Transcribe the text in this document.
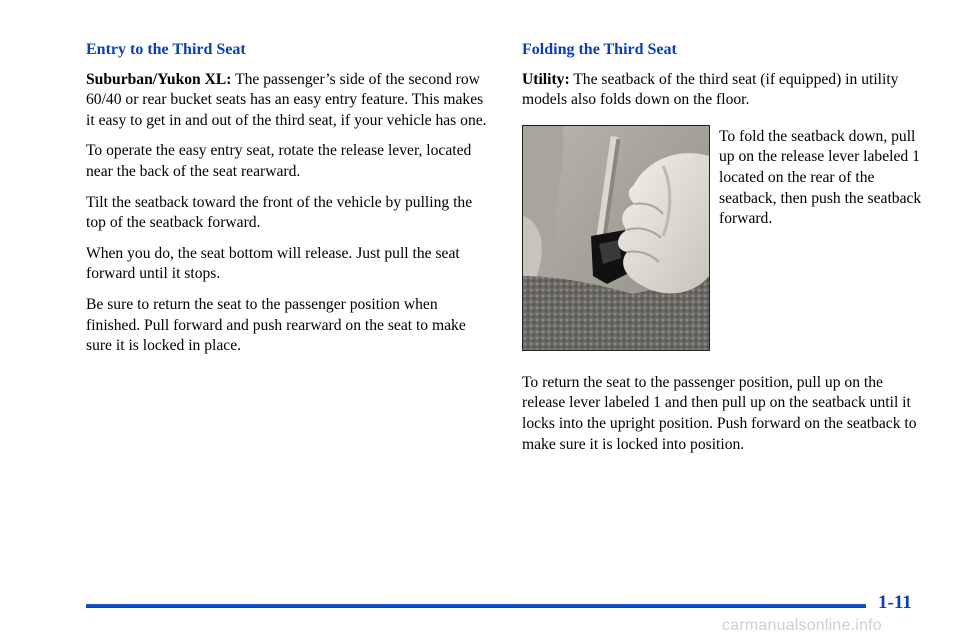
Entry to the Third Seat

Suburban/Yukon XL: The passenger’s side of the second row 60/40 or rear bucket seats has an easy entry feature. This makes it easy to get in and out of the third seat, if your vehicle has one.

To operate the easy entry seat, rotate the release lever, located near the back of the seat rearward.

Tilt the seatback toward the front of the vehicle by pulling the top of the seatback forward.

When you do, the seat bottom will release. Just pull the seat forward until it stops.

Be sure to return the seat to the passenger position when finished. Pull forward and push rearward on the seat to make sure it is locked in place.

Folding the Third Seat

Utility: The seatback of the third seat (if equipped) in utility models also folds down on the floor.

To fold the seatback down, pull up on the release lever labeled 1 located on the rear of the seatback, then push the seatback forward.

To return the seat to the passenger position, pull up on the release lever labeled 1 and then pull up on the seatback until it locks into the upright position. Push forward on the seatback to make sure it is locked into position.

1-11
carmanualsonline.info
